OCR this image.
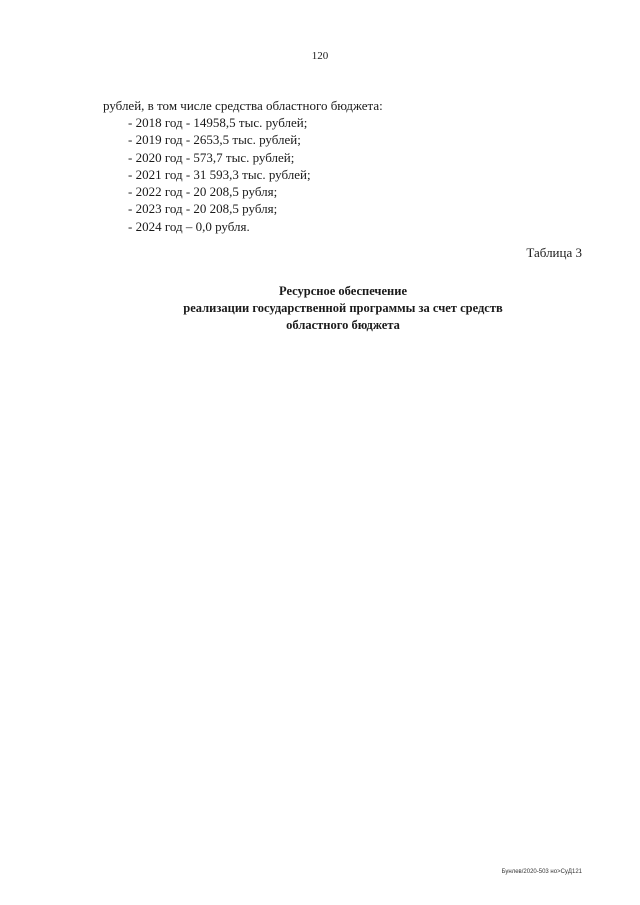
120
рублей, в том числе средства областного бюджета:
- 2018 год - 14958,5 тыс. рублей;
- 2019 год - 2653,5 тыс. рублей;
- 2020 год - 573,7 тыс. рублей;
- 2021 год - 31 593,3 тыс. рублей;
- 2022 год - 20 208,5 рубля;
- 2023 год - 20 208,5 рубля;
- 2024 год – 0,0 рубля.
Таблица 3
Ресурсное обеспечение
реализации государственной программы за счет средств
областного бюджета
Бунлев/2020-503 но>СуД121
